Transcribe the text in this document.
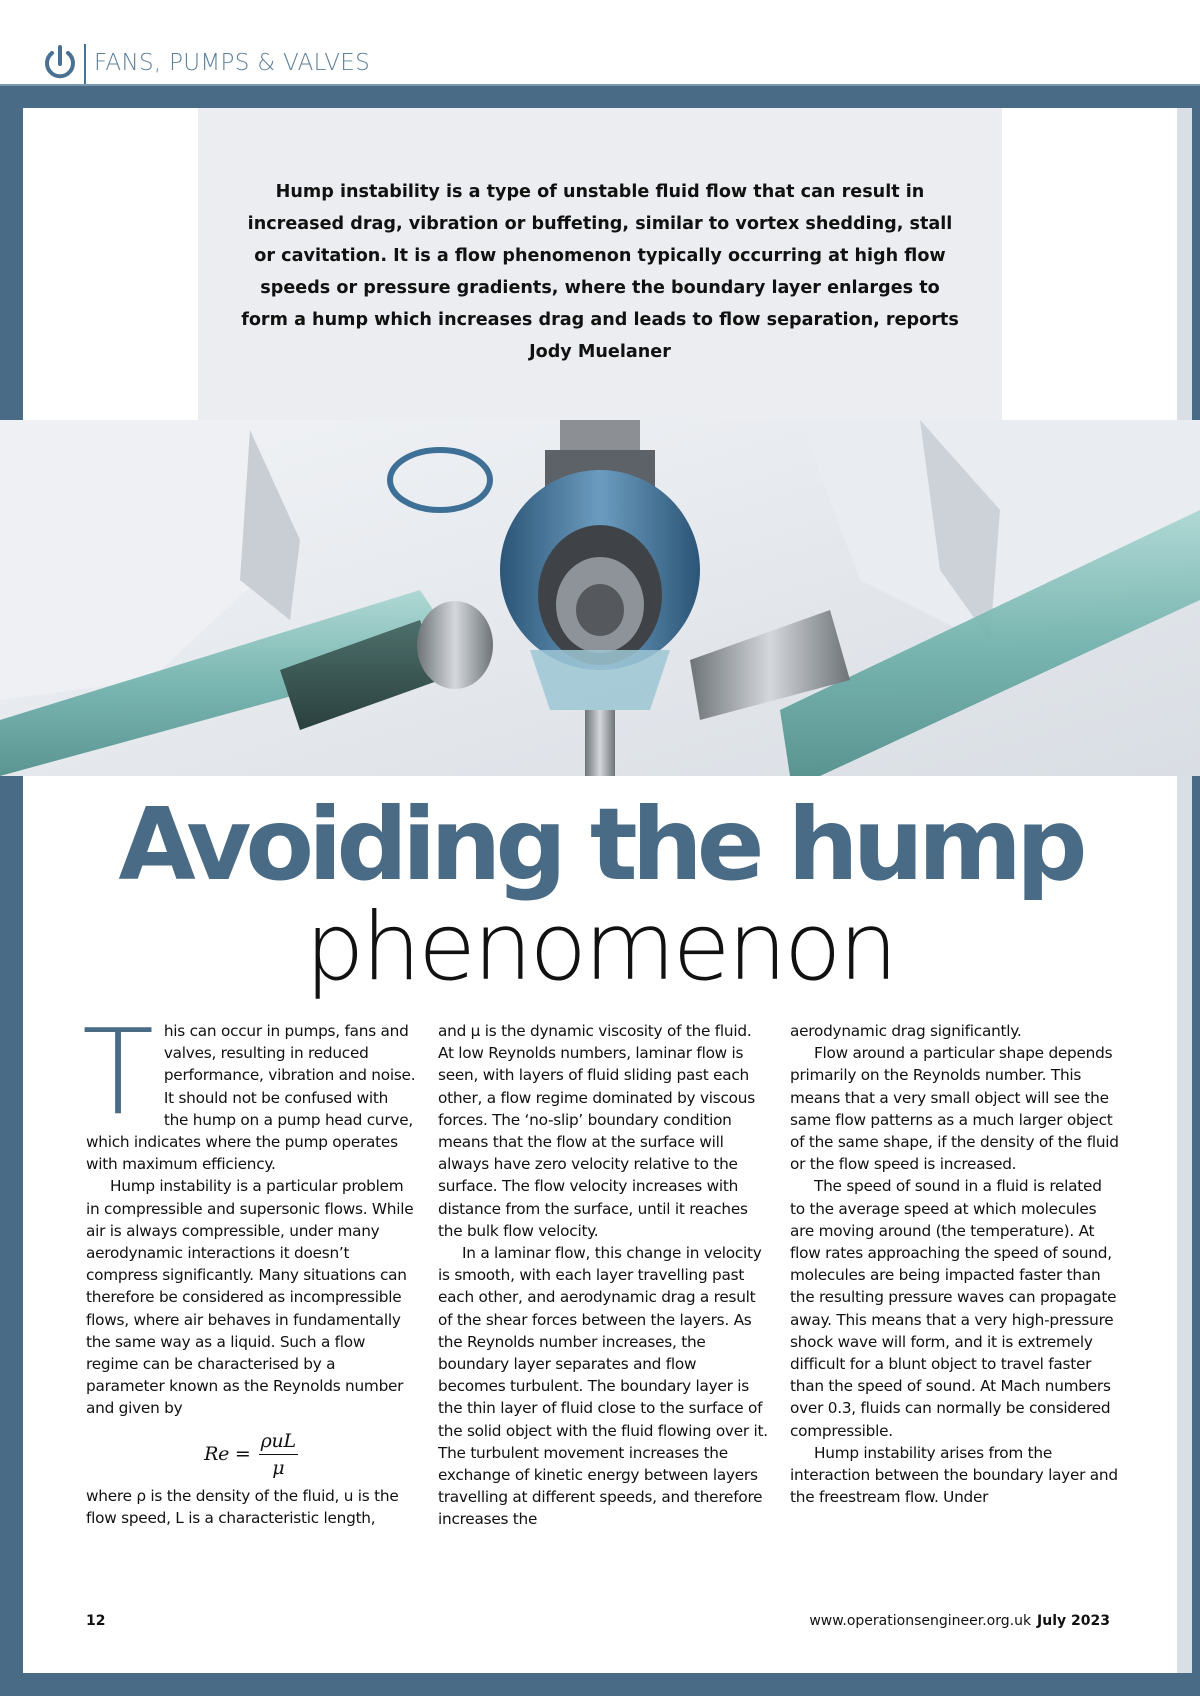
FANS, PUMPS & VALVES

Hump instability is a type of unstable fluid flow that can result in increased drag, vibration or buffeting, similar to vortex shedding, stall or cavitation. It is a flow phenomenon typically occurring at high flow speeds or pressure gradients, where the boundary layer enlarges to form a hump which increases drag and leads to flow separation, reports Jody Muelaner

Avoiding the hump
phenomenon

T his can occur in pumps, fans and valves, resulting in reduced performance, vibration and noise. It should not be confused with the hump on a pump head curve, which indicates where the pump operates with maximum efficiency.

Hump instability is a particular problem in compressible and supersonic flows. While air is always compressible, under many aerodynamic interactions it doesn’t compress significantly. Many situations can therefore be considered as incompressible flows, where air behaves in fundamentally the same way as a liquid. Such a flow regime can be characterised by a parameter known as the Reynolds number and given by

$Re = \frac{\text{ρuL}}{\mu}$

where ρ is the density of the fluid, u is the flow speed, L is a characteristic length,

and μ is the dynamic viscosity of the fluid. At low Reynolds numbers, laminar flow is seen, with layers of fluid sliding past each other, a flow regime dominated by viscous forces. The ‘no-slip’ boundary condition means that the flow at the surface will always have zero velocity relative to the surface. The flow velocity increases with distance from the surface, until it reaches the bulk flow velocity.

In a laminar flow, this change in velocity is smooth, with each layer travelling past each other, and aerodynamic drag a result of the shear forces between the layers. As the Reynolds number increases, the boundary layer separates and flow becomes turbulent. The boundary layer is the thin layer of fluid close to the surface of the solid object with the fluid flowing over it. The turbulent movement increases the exchange of kinetic energy between layers travelling at different speeds, and therefore increases the

aerodynamic drag significantly.

Flow around a particular shape depends primarily on the Reynolds number. This means that a very small object will see the same flow patterns as a much larger object of the same shape, if the density of the fluid or the flow speed is increased.

The speed of sound in a fluid is related to the average speed at which molecules are moving around (the temperature). At flow rates approaching the speed of sound, molecules are being impacted faster than the resulting pressure waves can propagate away. This means that a very high-pressure shock wave will form, and it is extremely difficult for a blunt object to travel faster than the speed of sound. At Mach numbers over 0.3, fluids can normally be considered compressible.

Hump instability arises from the interaction between the boundary layer and the freestream flow. Under

12	www.operationsengineer.org.uk July 2023
